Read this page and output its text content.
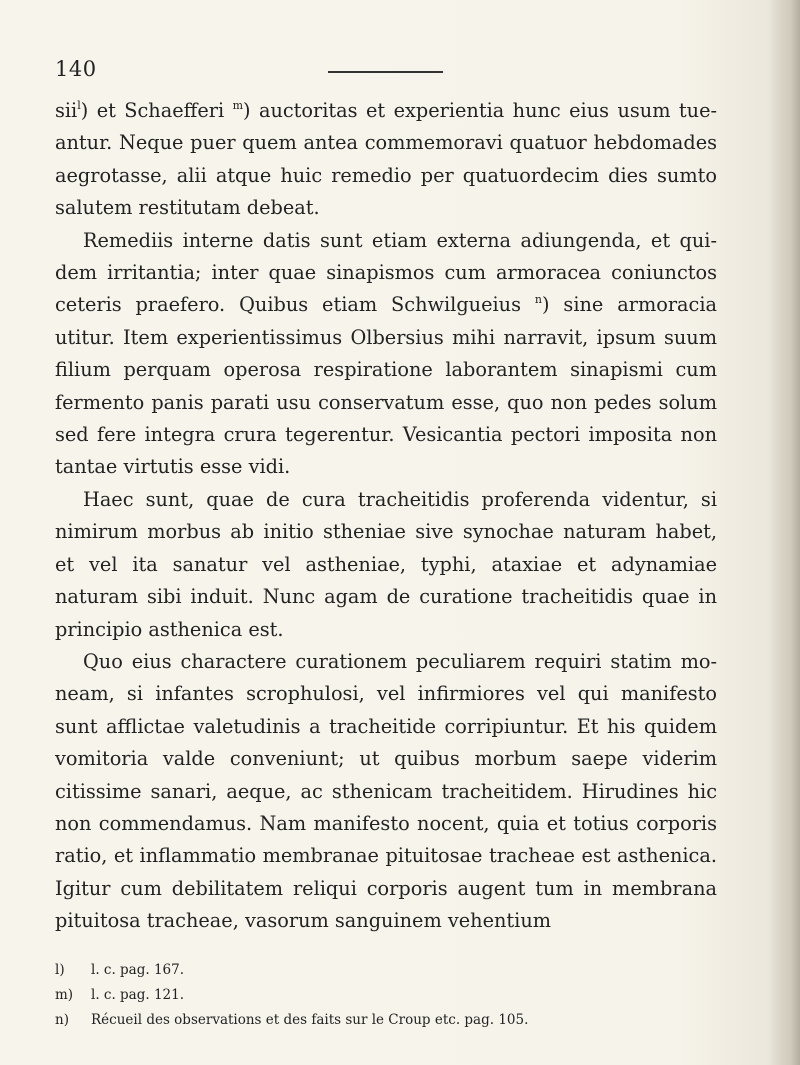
140

sii$^l$) et Schaefferi $^m$) auctoritas et experientia hunc eius usum tueantur. Neque puer quem antea commemoravi quatuor hebdomades aegrotasse, alii atque huic remedio per quatuordecim dies sumto salutem restitutam debeat.

Remediis interne datis sunt etiam externa adiungenda, et quidem irritantia; inter quae sinapismos cum armoracea coniunctos ceteris praefero. Quibus etiam Schwilgueius $^n$) sine armoracia utitur. Item experientissimus Olbersius mihi narravit, ipsum suum filium perquam operosa respiratione laborantem sinapismi cum fermento panis parati usu conservatum esse, quo non pedes solum sed fere integra crura tegerentur. Vesicantia pectori imposita non tantae virtutis esse vidi.

Haec sunt, quae de cura tracheitidis proferenda videntur, si nimirum morbus ab initio stheniae sive synochae naturam habet, et vel ita sanatur vel astheniae, typhi, ataxiae et adynamiae naturam sibi induit. Nunc agam de curatione tracheitidis quae in principio asthenica est.

Quo eius charactere curationem peculiarem requiri statim moneam, si infantes scrophulosi, vel infirmiores vel qui manifesto sunt afflictae valetudinis a tracheitide corripiuntur. Et his quidem vomitoria valde conveniunt; ut quibus morbum saepe viderim citissime sanari, aeque, ac sthenicam tracheitidem. Hirudines hic non commendamus. Nam manifesto nocent, quia et totius corporis ratio, et inflammatio membranae pituitosae tracheae est asthenica. Igitur cum debilitatem reliqui corporis augent tum in membrana pituitosa tracheae, vasorum sanguinem vehentium

l) l. c. pag. 167.
m) l. c. pag. 121.
n) Récueil des observations et des faits sur le Croup etc. pag. 105.
